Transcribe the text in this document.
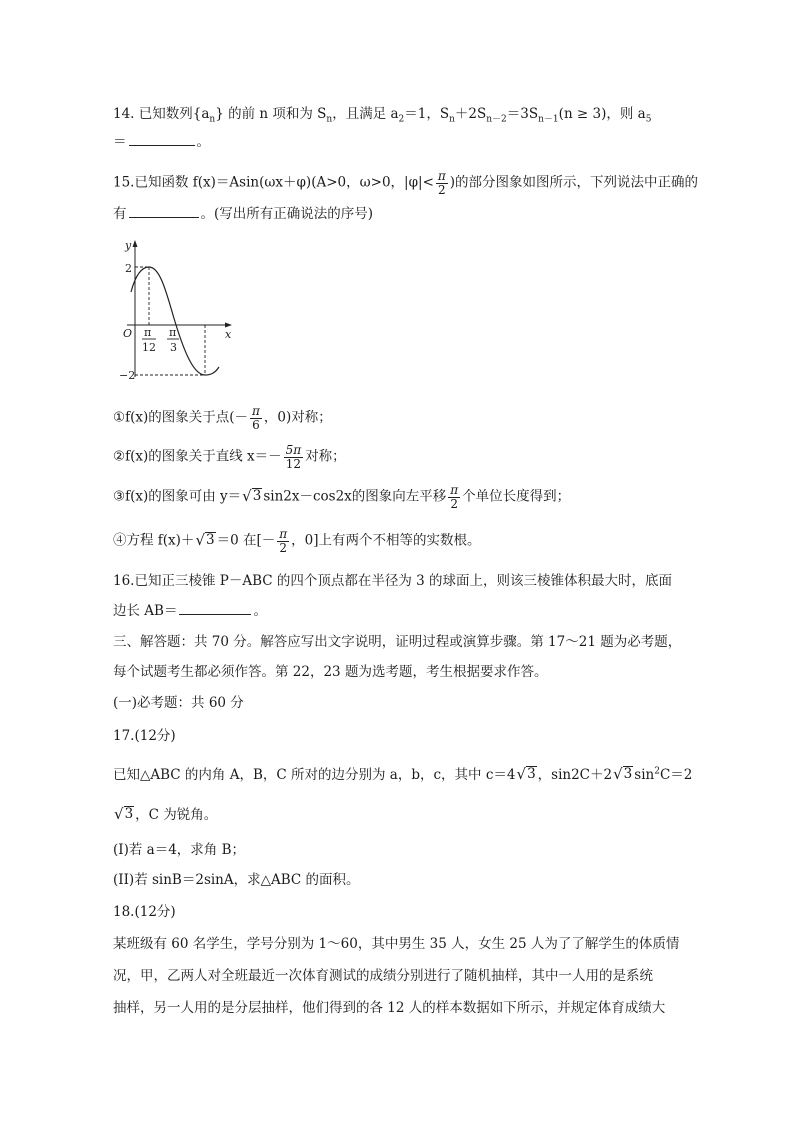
14. 已知数列$\{a_n\}$ 的前 n 项和为 $S_n$，且满足 $a_2=1$，$S_n+2S_{n-2}=3S_{n-1}(n \ge 3)$，则 $a_5$
＝	。
15.已知函数 f(x)＝Asin(ωx＋φ)(A>0，ω>0，$|\varphi|< \frac{\pi}{2}$ )的部分图象如图所示，下列说法中正确的
有	。(写出所有正确说法的序号)
y
x
O
2
−2
π
12
π
3
①f(x)的图象关于点(－ $\frac{\pi}{6}$ ，0)对称；
②f(x)的图象关于直线 $x=- \frac{5\pi}{12}$ 对称；
③f(x)的图象可由 y＝ √ 3 sin2x－cos2x的图象向左平移 $\frac{\pi}{2}$ 个单位长度得到；
④方程 f(x)＋ √ 3 ＝0 在[－ $\frac{\pi}{2}$ ，0]上有两个不相等的实数根。
16.已知正三棱锥 P－ABC 的四个顶点都在半径为 3 的球面上，则该三棱锥体积最大时，底面
边长 AB＝	。
三、解答题：共 70 分。解答应写出文字说明，证明过程或演算步骤。第 17～21 题为必考题，
每个试题考生都必须作答。第 22，23 题为选考题，考生根据要求作答。
(一)必考题：共 60 分
17.(12分)
已知△ABC 的内角 A，B，C 所对的边分别为 a，b，c，其中 c＝4 √ 3 ，sin2C＋2 √ 3 $\sin^2C=2$
√ 3 ，C 为锐角。
(I)若 a＝4，求角 B；
(II)若 sinB＝2sinA，求△ABC 的面积。
18.(12分)
某班级有 60 名学生，学号分别为 1～60，其中男生 35 人，女生 25 人为了了解学生的体质情
况，甲，乙两人对全班最近一次体育测试的成绩分别进行了随机抽样，其中一人用的是系统
抽样，另一人用的是分层抽样，他们得到的各 12 人的样本数据如下所示，并规定体育成绩大
